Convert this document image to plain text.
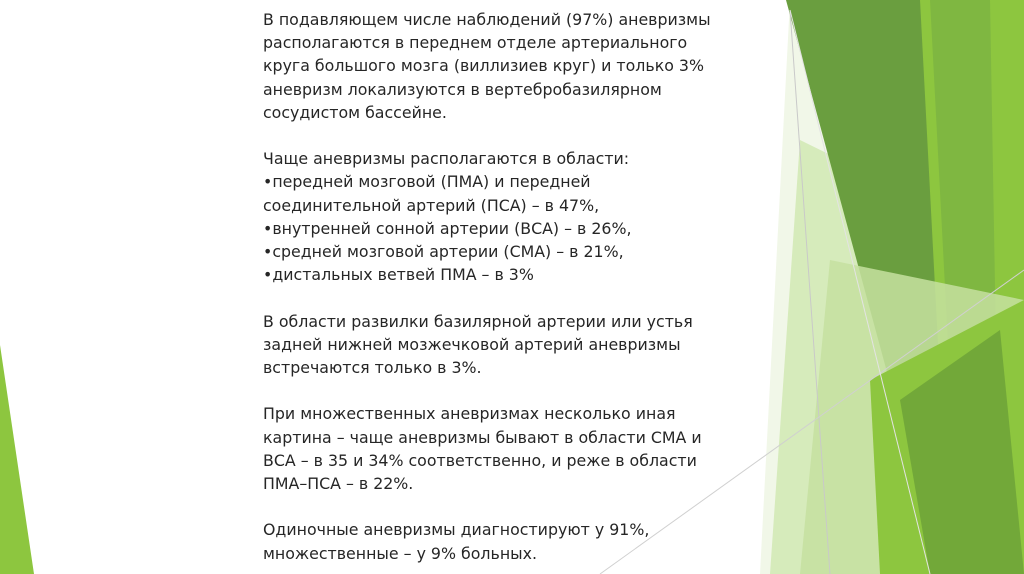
В подавляющем числе наблюдений (97%) аневризмы
располагаются в переднем отделе артериального
круга большого мозга (виллизиев круг) и только 3%
аневризм локализуются в вертебробазилярном
сосудистом бассейне.

Чаще аневризмы располагаются в области:
•передней мозговой (ПМА) и передней
соединительной артерий (ПСА) – в 47%,
•внутренней сонной артерии (ВСА) – в 26%,
•средней мозговой артерии (СМА) – в 21%,
•дистальных ветвей ПМА – в 3%

В области развилки базилярной артерии или устья
задней нижней мозжечковой артерий аневризмы
встречаются только в 3%.

При множественных аневризмах несколько иная
картина – чаще аневризмы бывают в области СМА и
ВСА – в 35 и 34% соответственно, и реже в области
ПМА–ПСА – в 22%.

Одиночные аневризмы диагностируют у 91%,
множественные – у 9% больных.
